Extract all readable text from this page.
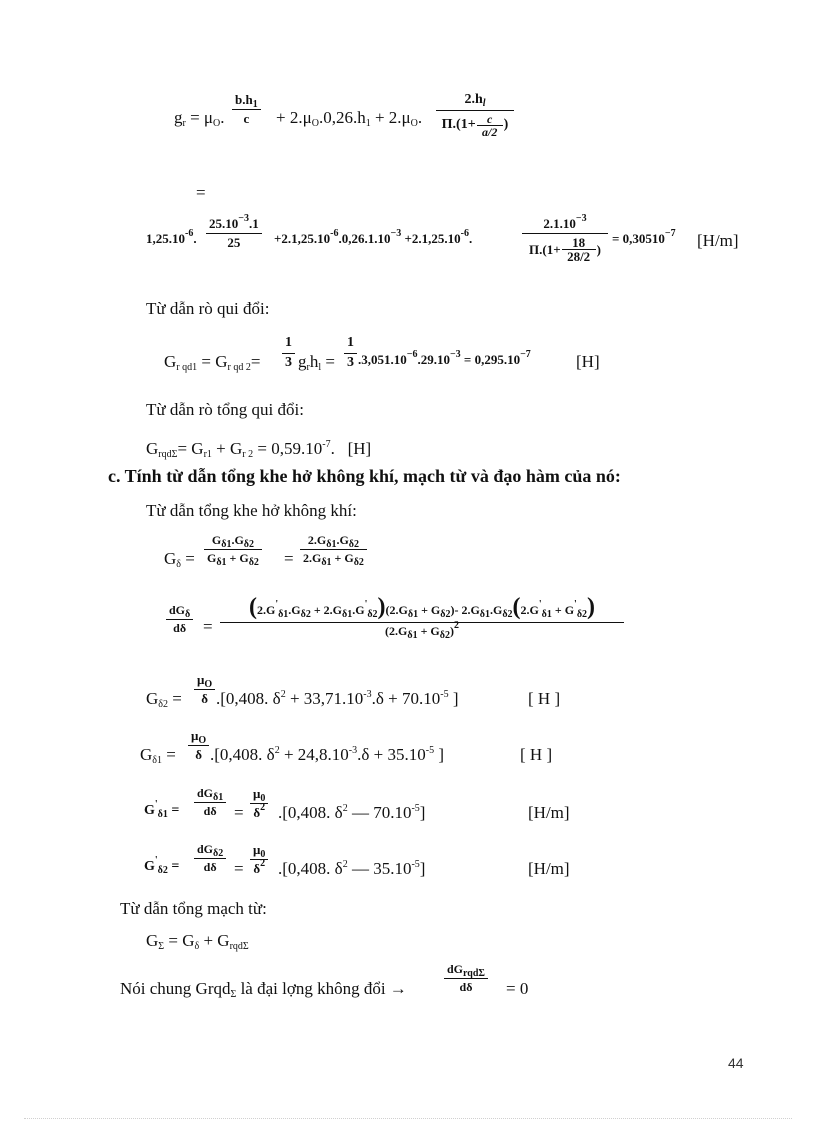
$g_r = \mu_O$.
$b.h_1$
$c + 2.\mu_O.0,26.h_1 + 2.\mu_O$.
$2.h_l$
Π.(1+ c
a/2 )
=
$1,25.10^{-6}$.
$25.10^{-3}.1$
25	$+2.1,25.10^{-6}.0,26.1.10^{-3} +2.1,25.10^{-6}$.
$2.1.10^{-3}$
Π.(1+ 18
28/2 )
= $0,30510^{-7}$ [H/m]
Từ dẫn rò qui đổi:
$G_{r qd1} = G_{r qd 2}=$
1
3 $g_rh_l$ =
1
3 $.3,051.10^{-6}.29.10^{-3} = 0,295.10^{-7}$	[H]
Từ dẫn rò tổng qui đổi:
$G_{rqd\Sigma}= G_{r1} + G_{r 2} = 0,59.10^{-7}$.   [H]
c. Tính từ dẫn tổng khe hở không khí, mạch từ và đạo hàm của nó:
Từ dẫn tổng khe hở không khí:
$G_\delta$ =
$G_{\delta 1}.G_{\delta 2}$
$G_{\delta 1} + G_{\delta 2}$ =
$2.G_{\delta 1}.G_{\delta 2}$
$2.G_{\delta 1} + G_{\delta 2}$
$dG_\delta$
dδ =
$(2.G'_{\delta 1}.G_{\delta 2} + 2.G_{\delta 1}.G'_{\delta 2})(2.G_{\delta 1} + G_{\delta 2})-$ $2.G_{\delta 1}.G_{\delta 2}(2.G'_{\delta 1} + G'_{\delta 2})$
$(2.G_{\delta 1} + G_{\delta 2})^2$
$G_{\delta 2}$ =
$\mu_O$
δ .[0,408. $\delta^2 + 33,71.10^{-3}.\delta + 70.10^{-5}$ ]	[ H ]
$G_{\delta 1}$ =
$\mu_O$
δ .[0,408. $\delta^2 + 24,8.10^{-3}.\delta + 35.10^{-5}$ ]	[ H ]
$G'_{\delta 1}$ =
$dG_{\delta 1}$
dδ =
$\mu_0$
$\delta^2$ .[0,408. $\delta^2$ — $70.10^{-5}$]	[H/m]
$G'_{\delta 2}$ =
$dG_{\delta 2}$
dδ =
$\mu_0$
$\delta^2$ .[0,408. $\delta^2$ — $35.10^{-5}$]	[H/m]
Từ dẫn tổng mạch từ:
$G_\Sigma = G_\delta + G_{rqd\Sigma}$
Nói chung Grqd$_\Sigma$ là đại lợng không đổi →
$dG_{rqd\Sigma}$
dδ = 0
44
